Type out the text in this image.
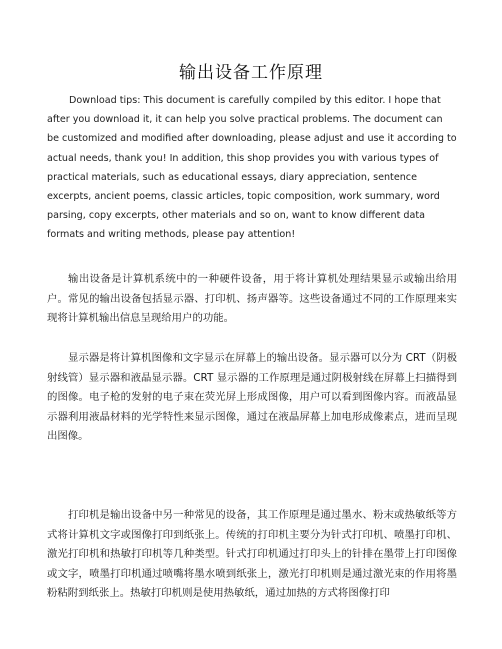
输出设备工作原理

Download tips: This document is carefully compiled by this editor. I hope that after you download it, it can help you solve practical problems. The document can be customized and modified after downloading, please adjust and use it according to actual needs, thank you! In addition, this shop provides you with various types of practical materials, such as educational essays, diary appreciation, sentence excerpts, ancient poems, classic articles, topic composition, work summary, word parsing, copy excerpts, other materials and so on, want to know different data formats and writing methods, please pay attention!

输出设备是计算机系统中的一种硬件设备，用于将计算机处理结果显示或输出给用户。常见的输出设备包括显示器、打印机、扬声器等。这些设备通过不同的工作原理来实现将计算机输出信息呈现给用户的功能。

显示器是将计算机图像和文字显示在屏幕上的输出设备。显示器可以分为 CRT（阴极射线管）显示器和液晶显示器。CRT 显示器的工作原理是通过阴极射线在屏幕上扫描得到的图像。电子枪的发射的电子束在荧光屏上形成图像，用户可以看到图像内容。而液晶显示器利用液晶材料的光学特性来显示图像，通过在液晶屏幕上加电形成像素点，进而呈现出图像。

打印机是输出设备中另一种常见的设备，其工作原理是通过墨水、粉末或热敏纸等方式将计算机文字或图像打印到纸张上。传统的打印机主要分为针式打印机、喷墨打印机、激光打印机和热敏打印机等几种类型。针式打印机通过打印头上的针排在墨带上打印图像或文字，喷墨打印机通过喷嘴将墨水喷到纸张上，激光打印机则是通过激光束的作用将墨粉粘附到纸张上。热敏打印机则是使用热敏纸，通过加热的方式将图像打印
